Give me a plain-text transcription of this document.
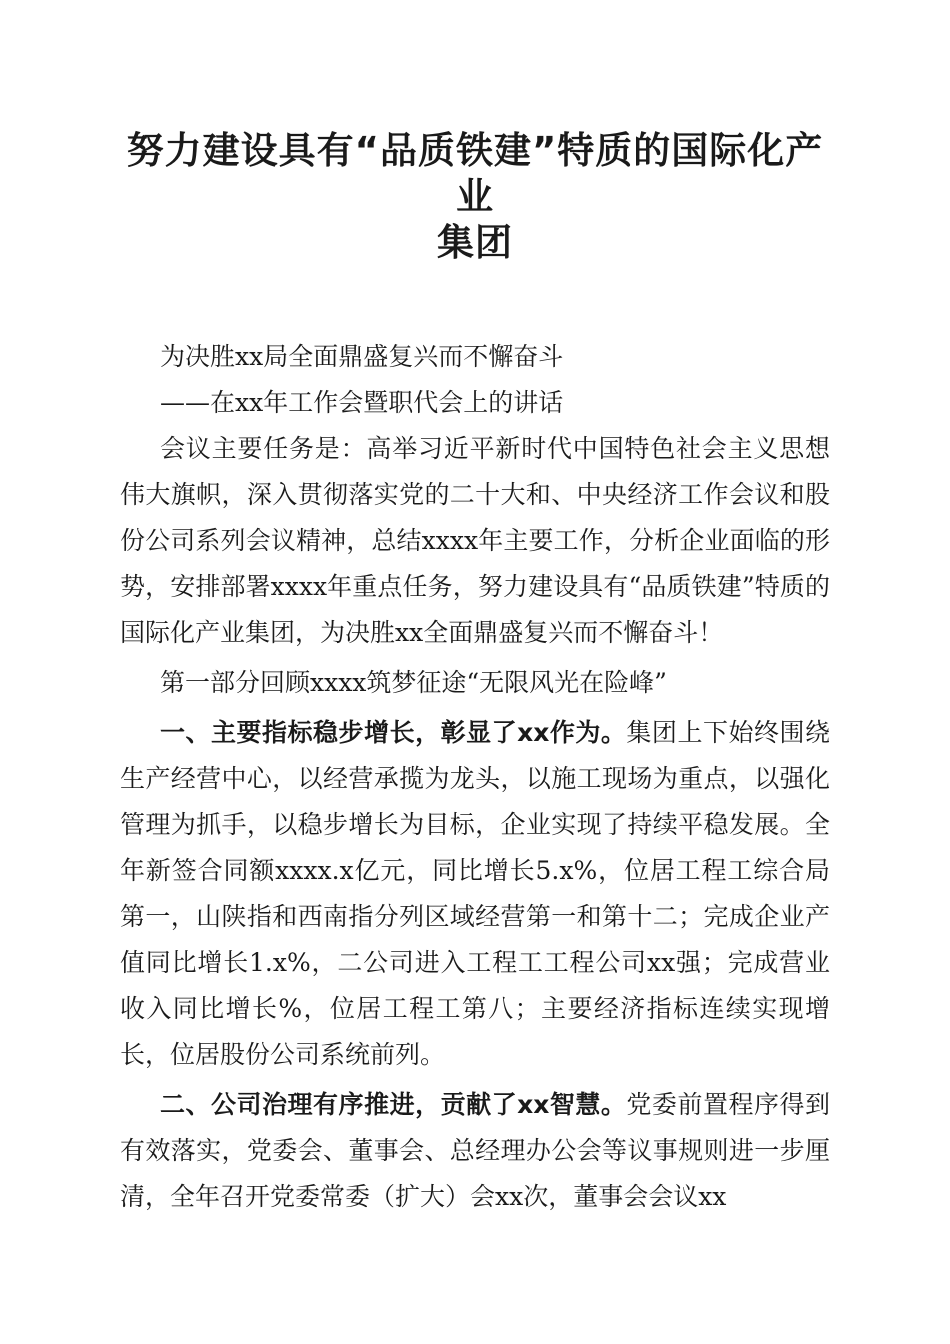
努力建设具有“品质铁建”特质的国际化产业
集团

为决胜xx局全面鼎盛复兴而不懈奋斗

——在xx年工作会暨职代会上的讲话

会议主要任务是：高举习近平新时代中国特色社会主义思想伟大旗帜，深入贯彻落实党的二十大和、中央经济工作会议和股份公司系列会议精神，总结xxxx年主要工作，分析企业面临的形势，安排部署xxxx年重点任务，努力建设具有“品质铁建”特质的国际化产业集团，为决胜xx全面鼎盛复兴而不懈奋斗！

第一部分回顾xxxx筑梦征途“无限风光在险峰”

一、主要指标稳步增长，彰显了xx作为。集团上下始终围绕生产经营中心，以经营承揽为龙头，以施工现场为重点，以强化管理为抓手，以稳步增长为目标，企业实现了持续平稳发展。全年新签合同额xxxx.x亿元，同比增长5.x%，位居工程工综合局第一，山陕指和西南指分列区域经营第一和第十二；完成企业产值同比增长1.x%，二公司进入工程工工程公司xx强；完成营业收入同比增长%，位居工程工第八；主要经济指标连续实现增长，位居股份公司系统前列。

二、公司治理有序推进，贡献了xx智慧。党委前置程序得到有效落实，党委会、董事会、总经理办公会等议事规则进一步厘清，全年召开党委常委（扩大）会xx次，董事会会议xx
